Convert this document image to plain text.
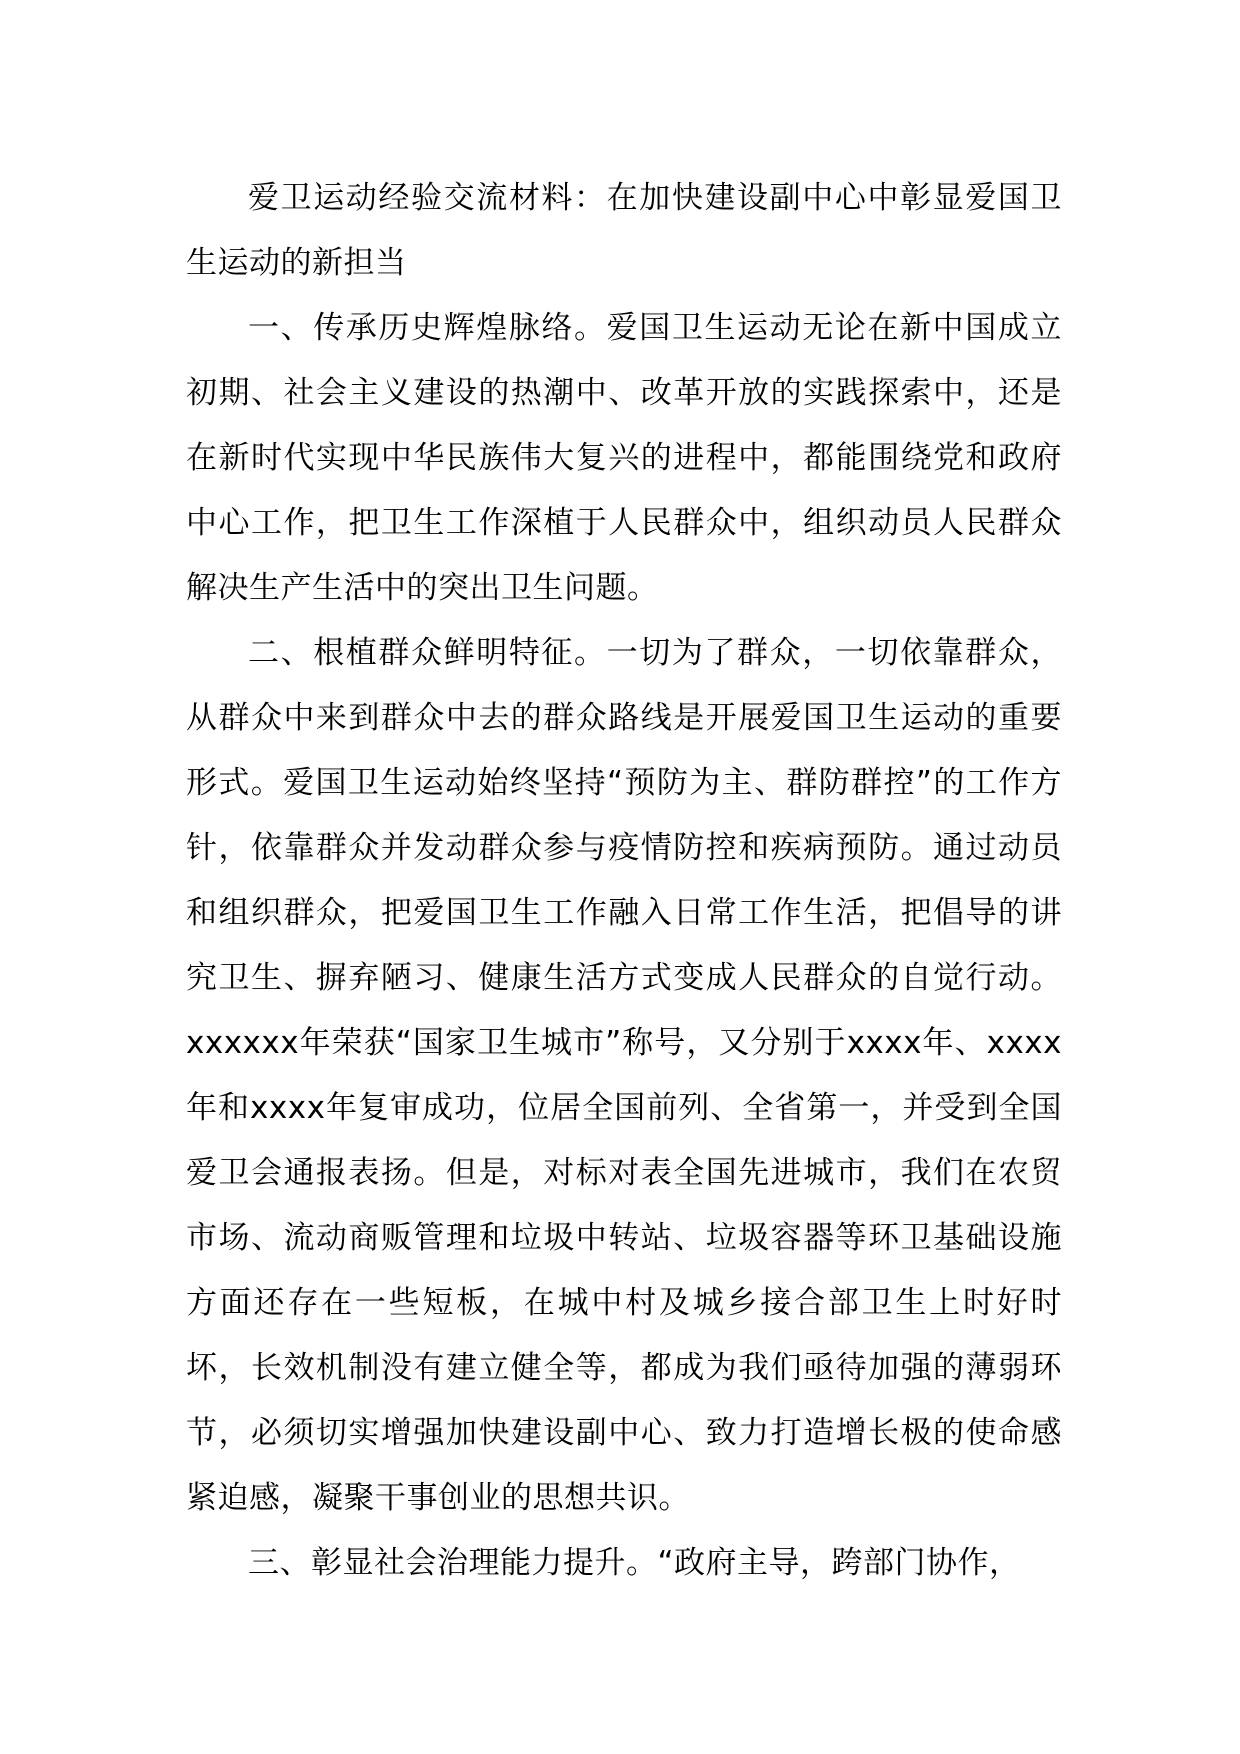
爱卫运动经验交流材料：在加快建设副中心中彰显爱国卫生运动的新担当

一、传承历史辉煌脉络。爱国卫生运动无论在新中国成立初期、社会主义建设的热潮中、改革开放的实践探索中，还是在新时代实现中华民族伟大复兴的进程中，都能围绕党和政府中心工作，把卫生工作深植于人民群众中，组织动员人民群众解决生产生活中的突出卫生问题。

二、根植群众鲜明特征。一切为了群众，一切依靠群众，从群众中来到群众中去的群众路线是开展爱国卫生运动的重要形式。爱国卫生运动始终坚持“预防为主、群防群控”的工作方针，依靠群众并发动群众参与疫情防控和疾病预防。通过动员和组织群众，把爱国卫生工作融入日常工作生活，把倡导的讲究卫生、摒弃陋习、健康生活方式变成人民群众的自觉行动。xxxxxx年荣获“国家卫生城市”称号，又分别于xxxx年、xxxx年和xxxx年复审成功，位居全国前列、全省第一，并受到全国爱卫会通报表扬。但是，对标对表全国先进城市，我们在农贸市场、流动商贩管理和垃圾中转站、垃圾容器等环卫基础设施方面还存在一些短板，在城中村及城乡接合部卫生上时好时坏，长效机制没有建立健全等，都成为我们亟待加强的薄弱环节，必须切实增强加快建设副中心、致力打造增长极的使命感紧迫感，凝聚干事创业的思想共识。

三、彰显社会治理能力提升。“政府主导，跨部门协作，
